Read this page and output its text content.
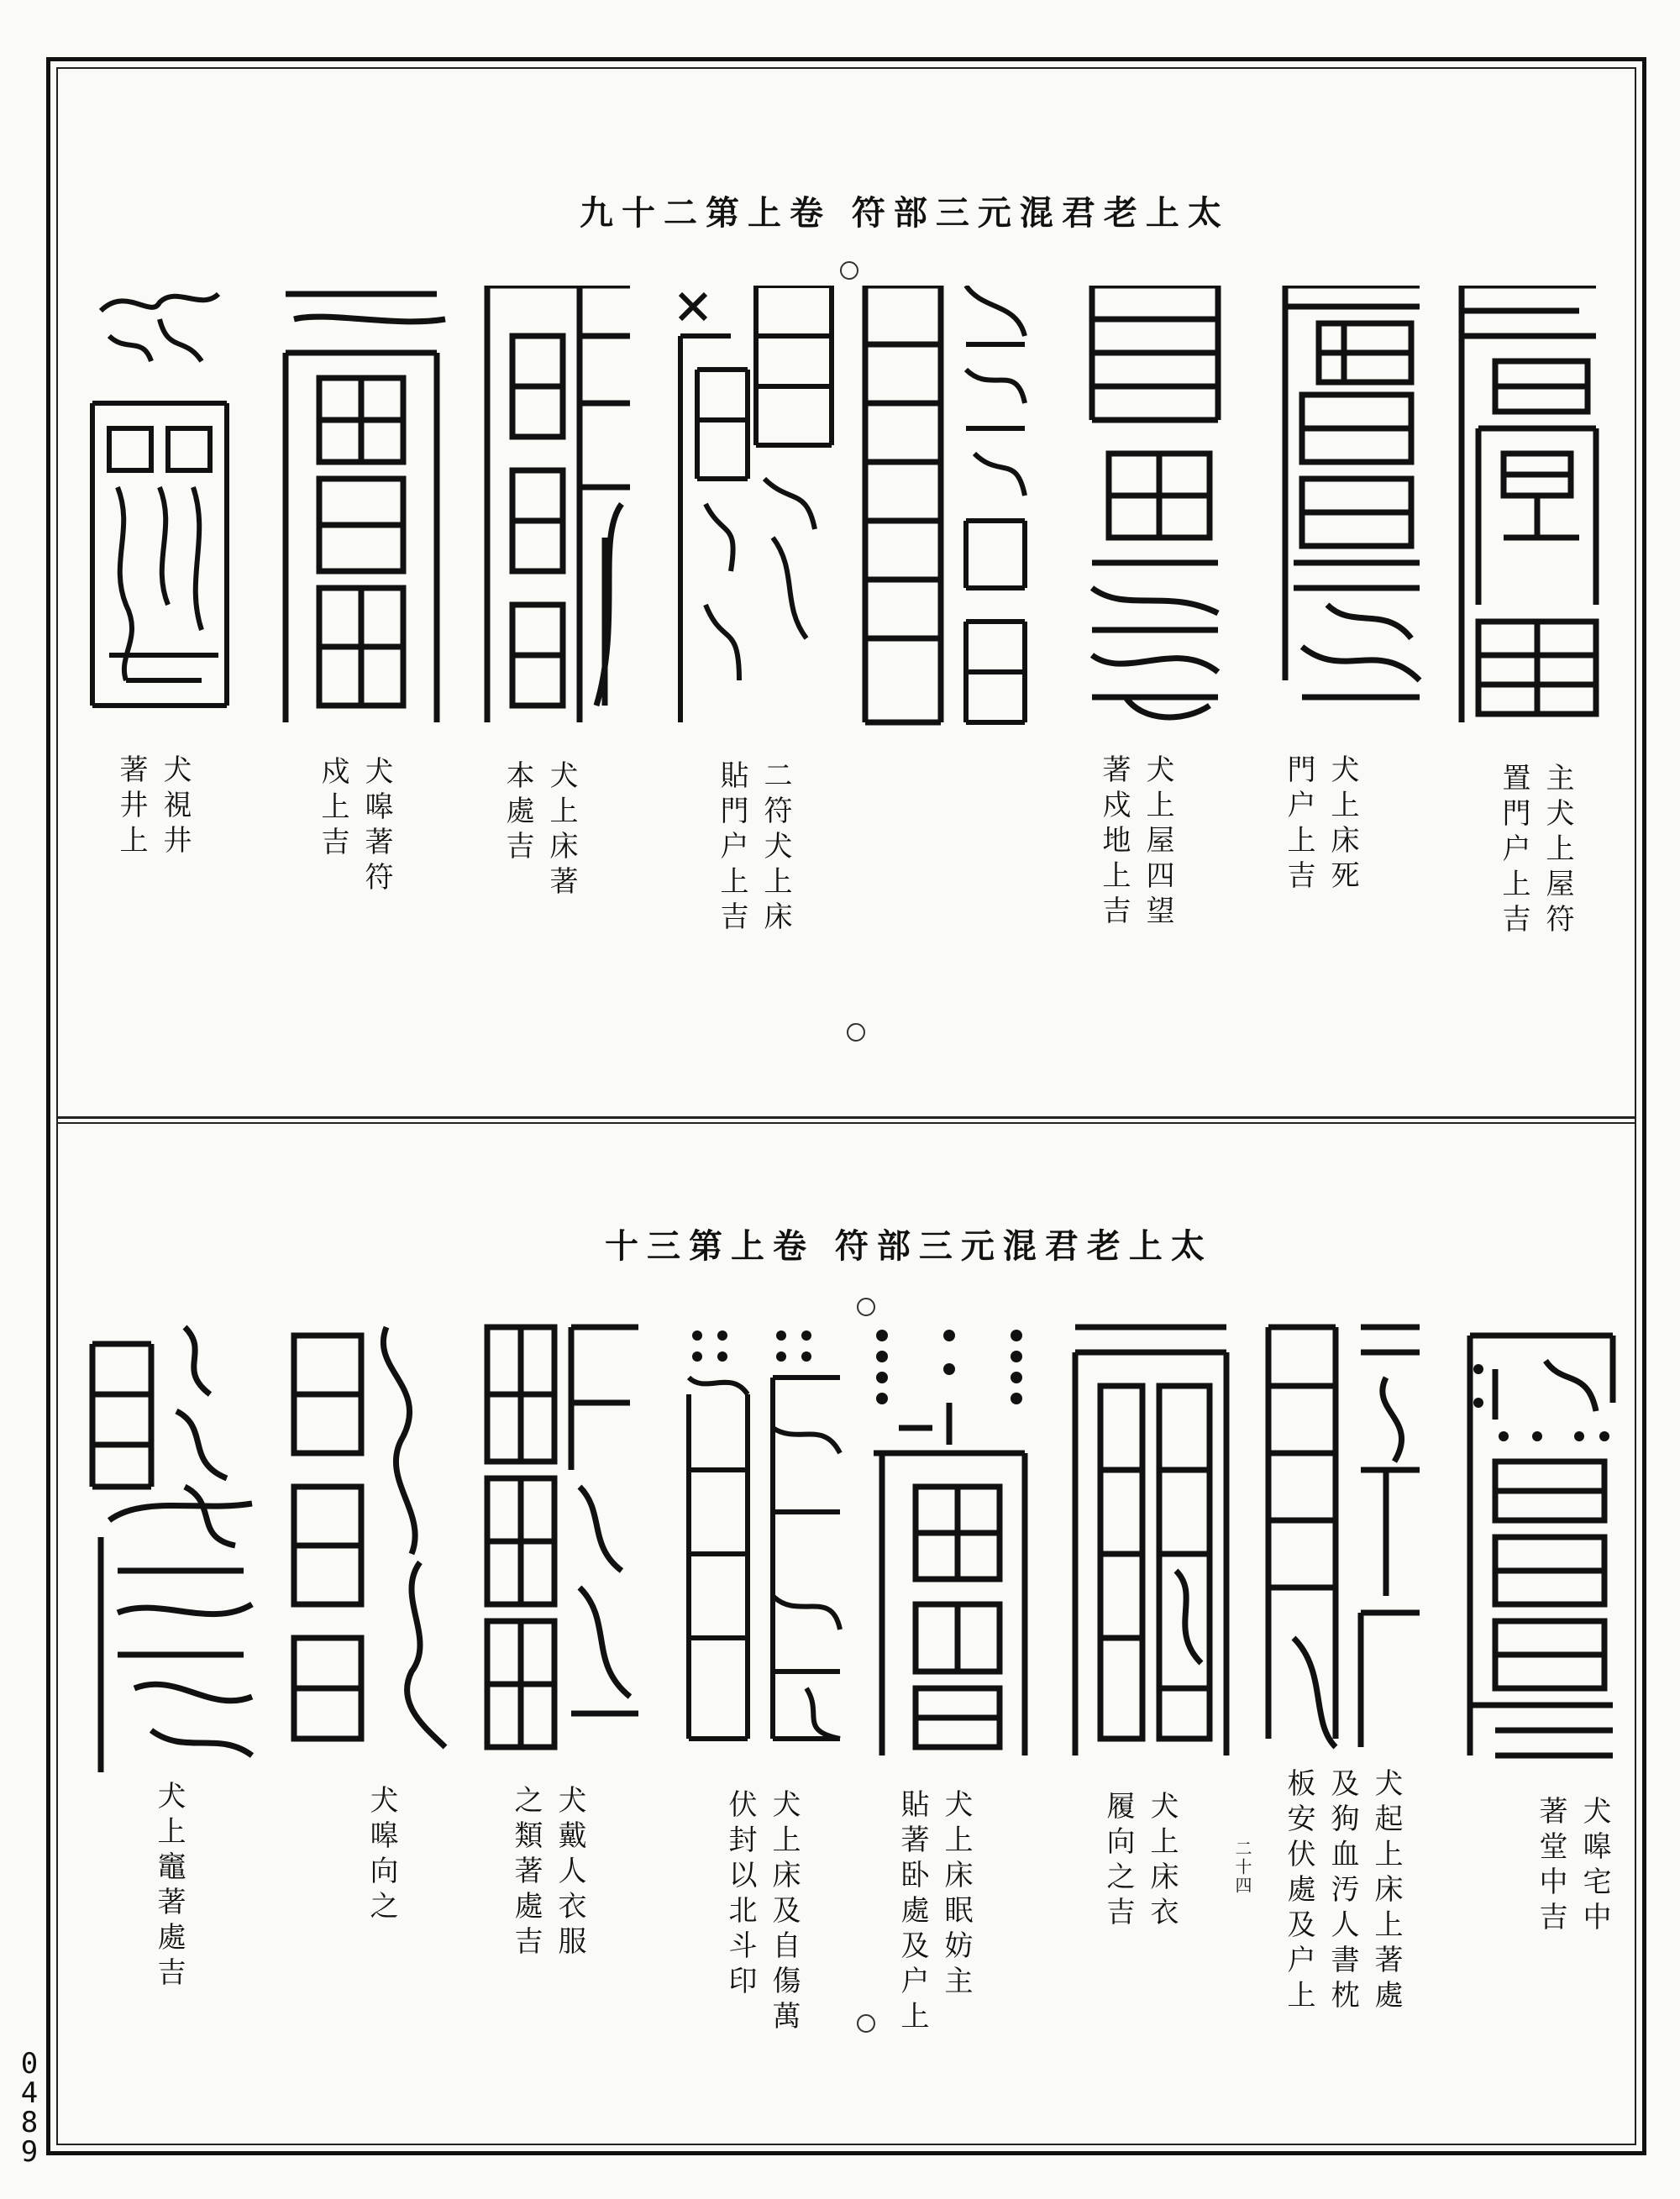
太上老君混元三部符 卷上第二十九
太上老君混元三部符 卷上第三十
主犬上屋符
置門户上吉
犬上床死
門户上吉
犬上屋四望
著戍地上吉
二符犬上床
貼門户上吉
犬上床著
本處吉
犬嗥著符
戍上吉
犬視井
著井上
犬嗥宅中
著堂中吉
犬起上床上著處
及狗血汚人書枕
板安伏處及户上
犬上床衣
履向之吉	二十四
犬上床眠妨主
貼著卧處及户上
犬上床及自傷萬
伏封以北斗印
犬戴人衣服
之類著處吉
犬嗥向之
犬上竈著處吉
0
4
8
9
